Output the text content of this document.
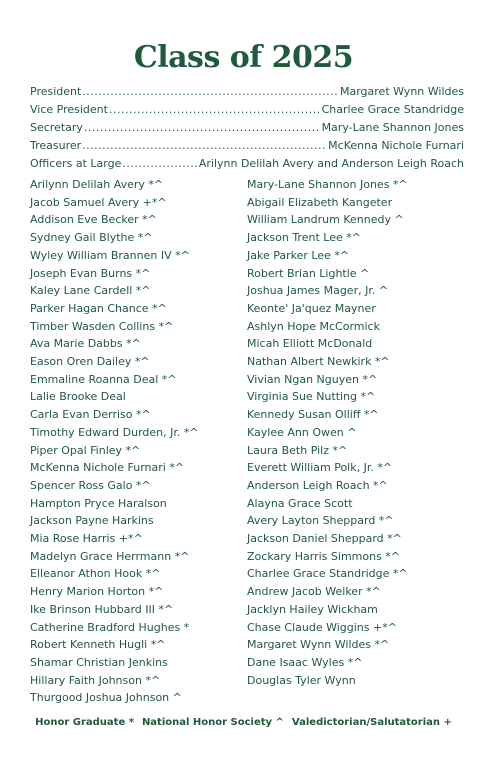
Class of 2025
President .....	Margaret Wynn Wildes
Vice President .....	Charlee Grace Standridge
Secretary .....	Mary-Lane Shannon Jones
Treasurer .....	McKenna Nichole Furnari
Officers at Large .....	Arilynn Delilah Avery and Anderson Leigh Roach
Arilynn Delilah Avery *^
Jacob Samuel Avery +*^
Addison Eve Becker *^
Sydney Gail Blythe *^
Wyley William Brannen IV *^
Joseph Evan Burns *^
Kaley Lane Cardell *^
Parker Hagan Chance *^
Timber Wasden Collins *^
Ava Marie Dabbs *^
Eason Oren Dailey *^
Emmaline Roanna Deal *^
Lalie Brooke Deal
Carla Evan Derriso *^
Timothy Edward Durden, Jr. *^
Piper Opal Finley *^
McKenna Nichole Furnari *^
Spencer Ross Galo *^
Hampton Pryce Haralson
Jackson Payne Harkins
Mia Rose Harris +*^
Madelyn Grace Herrmann *^
Elleanor Athon Hook *^
Henry Marion Horton *^
Ike Brinson Hubbard III *^
Catherine Bradford Hughes *
Robert Kenneth Hugli *^
Shamar Christian Jenkins
Hillary Faith Johnson *^
Thurgood Joshua Johnson ^
Mary-Lane Shannon Jones *^
Abigail Elizabeth Kangeter
William Landrum Kennedy ^
Jackson Trent Lee *^
Jake Parker Lee *^
Robert Brian Lightle ^
Joshua James Mager, Jr. ^
Keonte' Ja'quez Mayner
Ashlyn Hope McCormick
Micah Elliott McDonald
Nathan Albert Newkirk *^
Vivian Ngan Nguyen *^
Virginia Sue Nutting *^
Kennedy Susan Olliff *^
Kaylee Ann Owen ^
Laura Beth Pilz *^
Everett William Polk, Jr. *^
Anderson Leigh Roach *^
Alayna Grace Scott
Avery Layton Sheppard *^
Jackson Daniel Sheppard *^
Zockary Harris Simmons *^
Charlee Grace Standridge *^
Andrew Jacob Welker *^
Jacklyn Hailey Wickham
Chase Claude Wiggins +*^
Margaret Wynn Wildes *^
Dane Isaac Wyles *^
Douglas Tyler Wynn
Honor Graduate * National Honor Society ^ Valedictorian/Salutatorian +
